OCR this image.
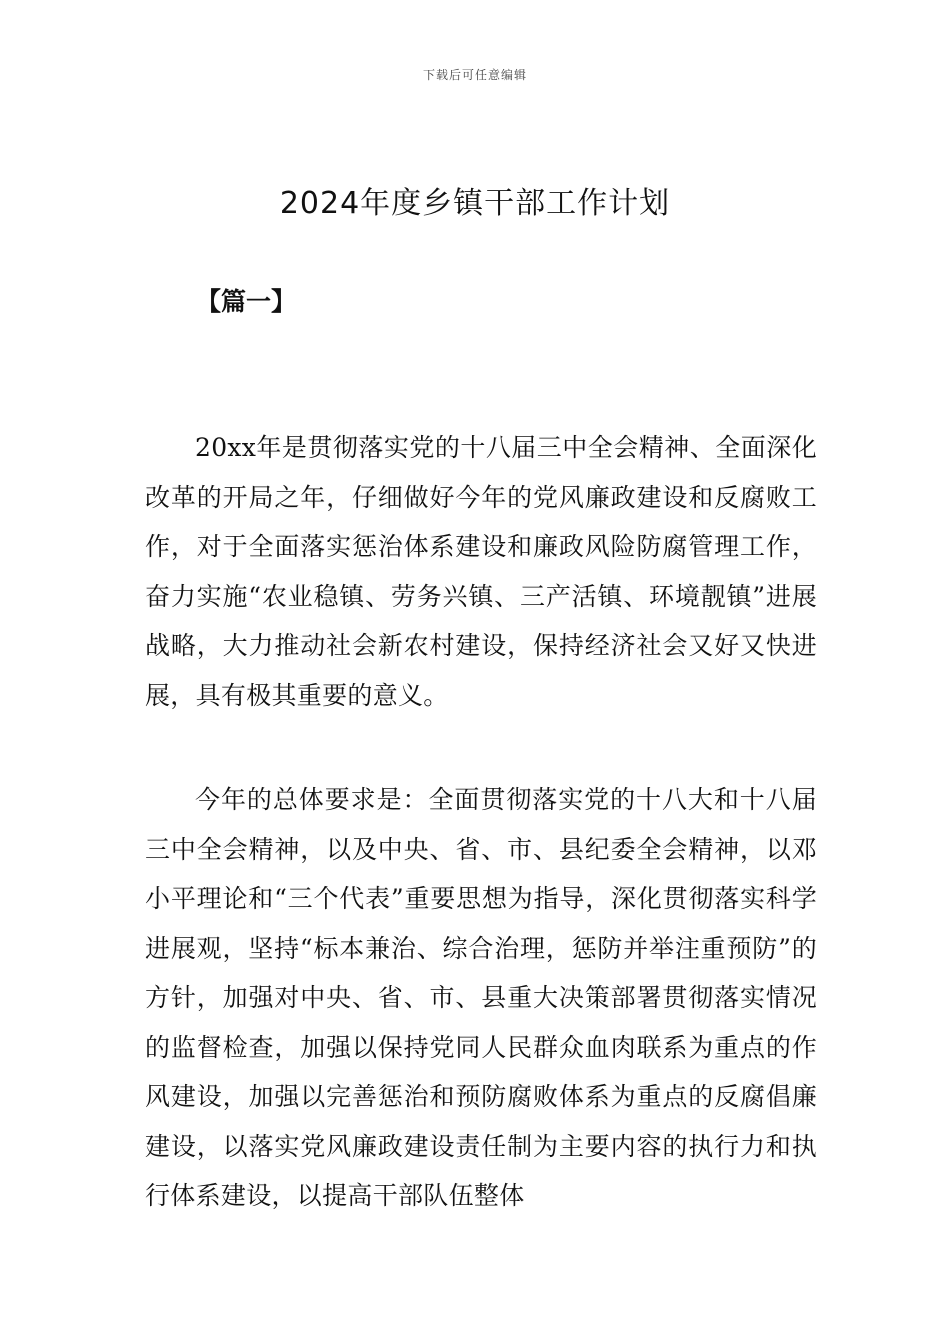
下载后可任意编辑
2024年度乡镇干部工作计划
【篇一】

20xx年是贯彻落实党的十八届三中全会精神、全面深化改革的开局之年，仔细做好今年的党风廉政建设和反腐败工作，对于全面落实惩治体系建设和廉政风险防腐管理工作，奋力实施“农业稳镇、劳务兴镇、三产活镇、环境靓镇”进展战略，大力推动社会新农村建设，保持经济社会又好又快进展，具有极其重要的意义。

今年的总体要求是：全面贯彻落实党的十八大和十八届三中全会精神，以及中央、省、市、县纪委全会精神，以邓小平理论和“三个代表”重要思想为指导，深化贯彻落实科学进展观，坚持“标本兼治、综合治理，惩防并举注重预防”的方针，加强对中央、省、市、县重大决策部署贯彻落实情况的监督检查，加强以保持党同人民群众血肉联系为重点的作风建设，加强以完善惩治和预防腐败体系为重点的反腐倡廉建设，以落实党风廉政建设责任制为主要内容的执行力和执行体系建设，以提高干部队伍整体
